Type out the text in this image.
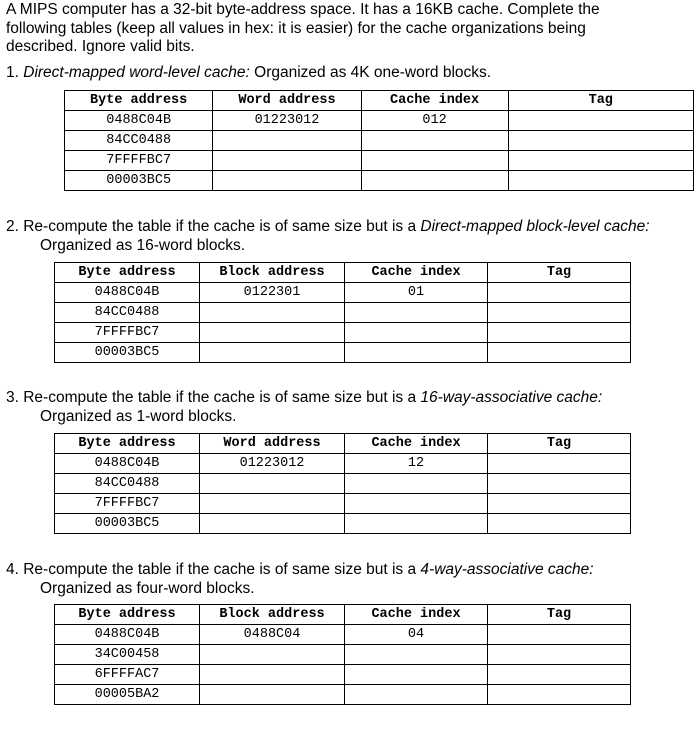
A MIPS computer has a 32-bit byte-address space. It has a 16KB cache. Complete the following tables (keep all values in hex: it is easier) for the cache organizations being described. Ignore valid bits.

1. Direct-mapped word-level cache: Organized as 4K one-word blocks.

Byte address	Word address	Cache index	Tag
0488C04B	01223012	012	
84CC0488			
7FFFFBC7			
00003BC5			

2. Re-compute the table if the cache is of same size but is a Direct-mapped block-level cache:
Organized as 16-word blocks.

Byte address	Block address	Cache index	Tag
0488C04B	0122301	01	
84CC0488			
7FFFFBC7			
00003BC5			

3. Re-compute the table if the cache is of same size but is a 16-way-associative cache:
Organized as 1-word blocks.

Byte address	Word address	Cache index	Tag
0488C04B	01223012	12	
84CC0488			
7FFFFBC7			
00003BC5			

4. Re-compute the table if the cache is of same size but is a 4-way-associative cache:
Organized as four-word blocks.

Byte address	Block address	Cache index	Tag
0488C04B	0488C04	04	
34C00458			
6FFFFAC7			
00005BA2			
